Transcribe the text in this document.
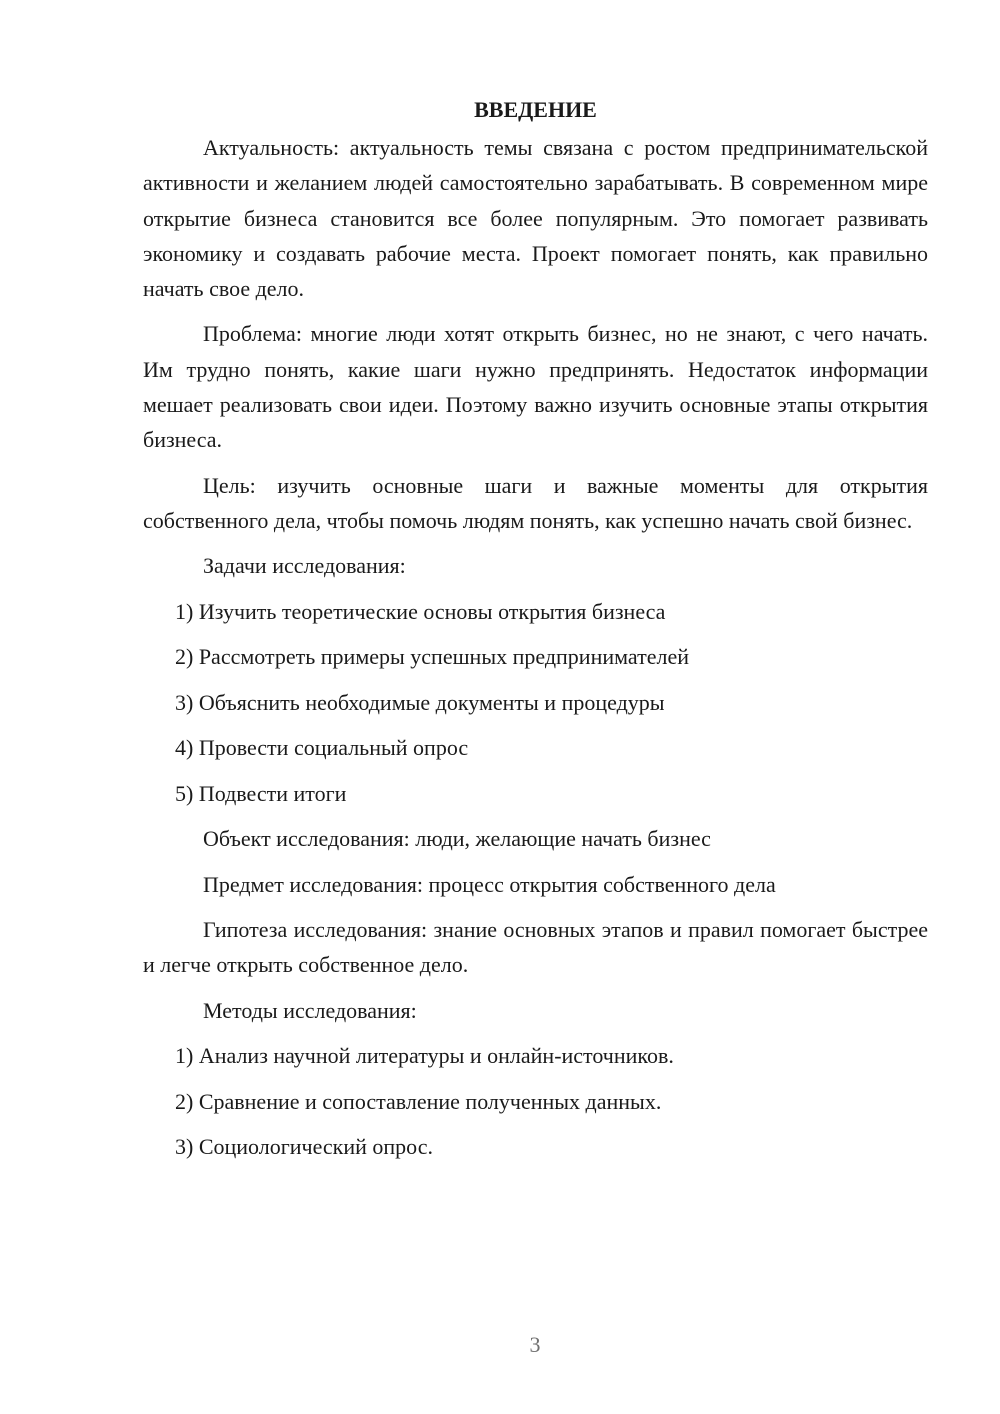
ВВЕДЕНИЕ

Актуальность: актуальность темы связана с ростом предпринимательской активности и желанием людей самостоятельно зарабатывать. В современном мире открытие бизнеса становится все более популярным. Это помогает развивать экономику и создавать рабочие места. Проект помогает понять, как правильно начать свое дело.

Проблема: многие люди хотят открыть бизнес, но не знают, с чего начать. Им трудно понять, какие шаги нужно предпринять. Недостаток информации мешает реализовать свои идеи. Поэтому важно изучить основные этапы открытия бизнеса.

Цель: изучить основные шаги и важные моменты для открытия собственного дела, чтобы помочь людям понять, как успешно начать свой бизнес.

Задачи исследования:
1) Изучить теоретические основы открытия бизнеса
2) Рассмотреть примеры успешных предпринимателей
3) Объяснить необходимые документы и процедуры
4) Провести социальный опрос
5) Подвести итоги
Объект исследования: люди, желающие начать бизнес
Предмет исследования: процесс открытия собственного дела

Гипотеза исследования: знание основных этапов и правил помогает быстрее и легче открыть собственное дело.

Методы исследования:
1) Анализ научной литературы и онлайн-источников.
2) Сравнение и сопоставление полученных данных.
3) Социологический опрос.
3
